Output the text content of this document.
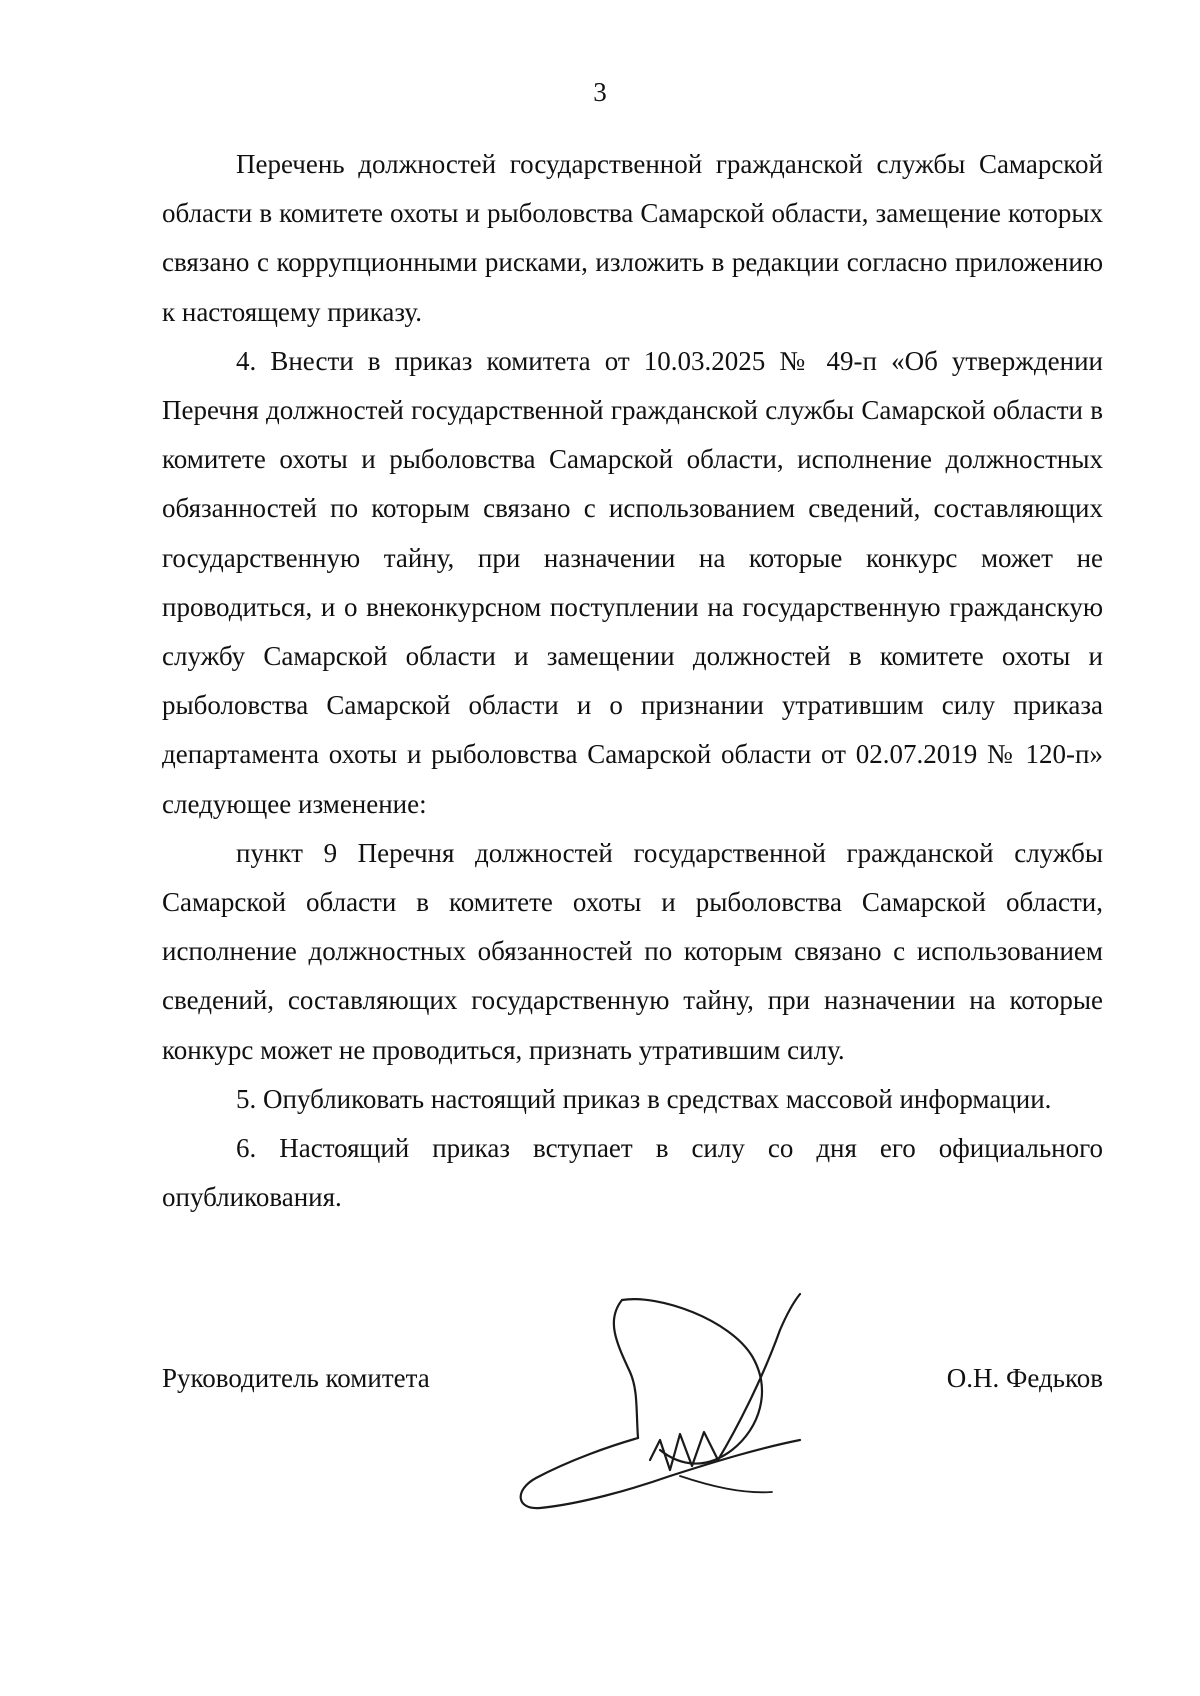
3

Перечень должностей государственной гражданской службы Самарской области в комитете охоты и рыболовства Самарской области, замещение которых связано с коррупционными рисками, изложить в редакции согласно приложению к настоящему приказу.

4. Внести в приказ комитета от 10.03.2025 № 49-п «Об утверждении Перечня должностей государственной гражданской службы Самарской области в комитете охоты и рыболовства Самарской области, исполнение должностных обязанностей по которым связано с использованием сведений, составляющих государственную тайну, при назначении на которые конкурс может не проводиться, и о внеконкурсном поступлении на государственную гражданскую службу Самарской области и замещении должностей в комитете охоты и рыболовства Самарской области и о признании утратившим силу приказа департамента охоты и рыболовства Самарской области от 02.07.2019 № 120-п» следующее изменение:

пункт 9 Перечня должностей государственной гражданской службы Самарской области в комитете охоты и рыболовства Самарской области, исполнение должностных обязанностей по которым связано с использованием сведений, составляющих государственную тайну, при назначении на которые конкурс может не проводиться, признать утратившим силу.

5. Опубликовать настоящий приказ в средствах массовой информации.

6. Настоящий приказ вступает в силу со дня его официального опубликования.

Руководитель комитета	О.Н. Федьков
